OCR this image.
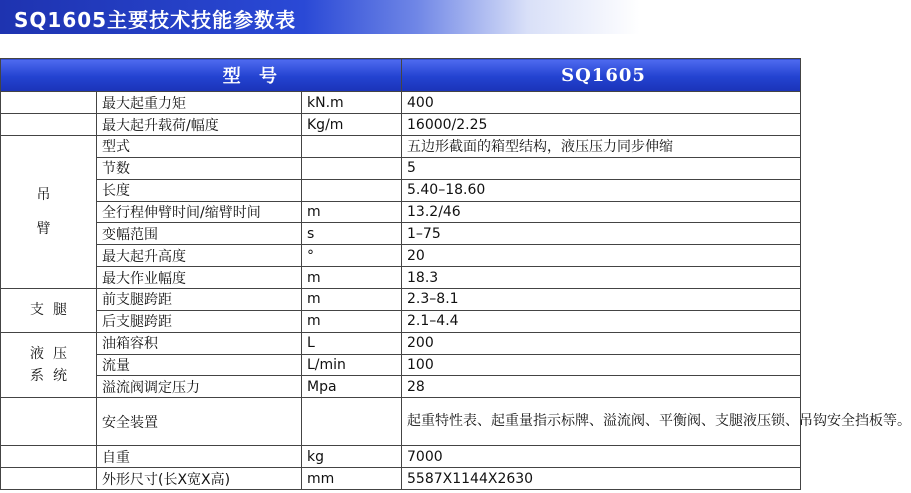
SQ1605主要技术技能参数表
型 号			SQ1605
	最大起重力矩	kN.m	400
	最大起升载荷/幅度	Kg/m	16000/2.25

吊
臂	型式		五边形截面的箱型结构，液压压力同步伸缩
	节数		5
	长度		5.40–18.60
	全行程伸臂时间/缩臂时间	m	13.2/46
	变幅范围	s	1–75
	最大起升高度	°	20
	最大作业幅度	m	18.3
支  腿	前支腿跨距	m	2.3–8.1
	后支腿跨距	m	2.1–4.4

液  压
系  统	油箱容积	L	200
	流量	L/min	100
	溢流阀调定压力	Mpa	28
	安全装置		起重特性表、起重量指示标牌、溢流阀、平衡阀、支腿液压锁、吊钩安全挡板等。
	自重	kg	7000
	外形尺寸(长X宽X高)	mm	5587X1144X2630
